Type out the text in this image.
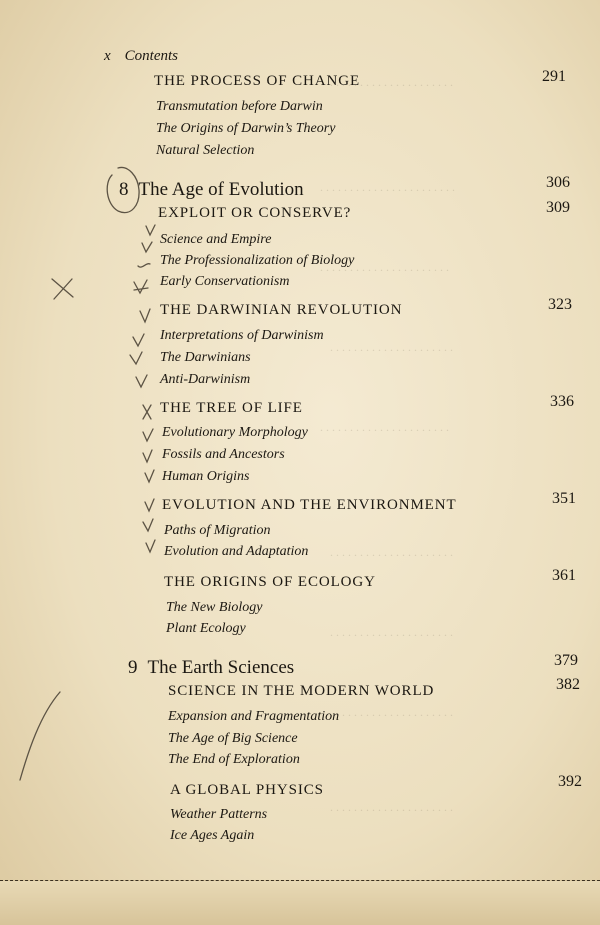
. . . . . . . . . . . . . . . . . . . . .
. . . . . . . . . . . . . . . . . . . . . . .
. . . . . . . . . . . . . . . . . . . . . .
. . . . . . . . . . . . . . . . . . . . .
. . . . . . . . . . . . . . . . . . . . . .
. . . . . . . . . . . . . . . . . . . . .
. . . . . . . . . . . . . . . . . . . . .
. . . . . . . . . . . . . . . . . . . . .
. . . . . . . . . . . . . . . . . . . . .
x Contents
THE PROCESS OF CHANGE	291
Transmutation before Darwin
The Origins of Darwin’s Theory
Natural Selection
8 The Age of Evolution	306
EXPLOIT OR CONSERVE?	309
Science and Empire
The Professionalization of Biology
Early Conservationism
THE DARWINIAN REVOLUTION	323
Interpretations of Darwinism
The Darwinians
Anti-Darwinism
THE TREE OF LIFE	336
Evolutionary Morphology
Fossils and Ancestors
Human Origins
EVOLUTION AND THE ENVIRONMENT	351
Paths of Migration
Evolution and Adaptation
THE ORIGINS OF ECOLOGY	361
The New Biology
Plant Ecology
9 The Earth Sciences	379
SCIENCE IN THE MODERN WORLD	382
Expansion and Fragmentation
The Age of Big Science
The End of Exploration
A GLOBAL PHYSICS	392
Weather Patterns
Ice Ages Again
